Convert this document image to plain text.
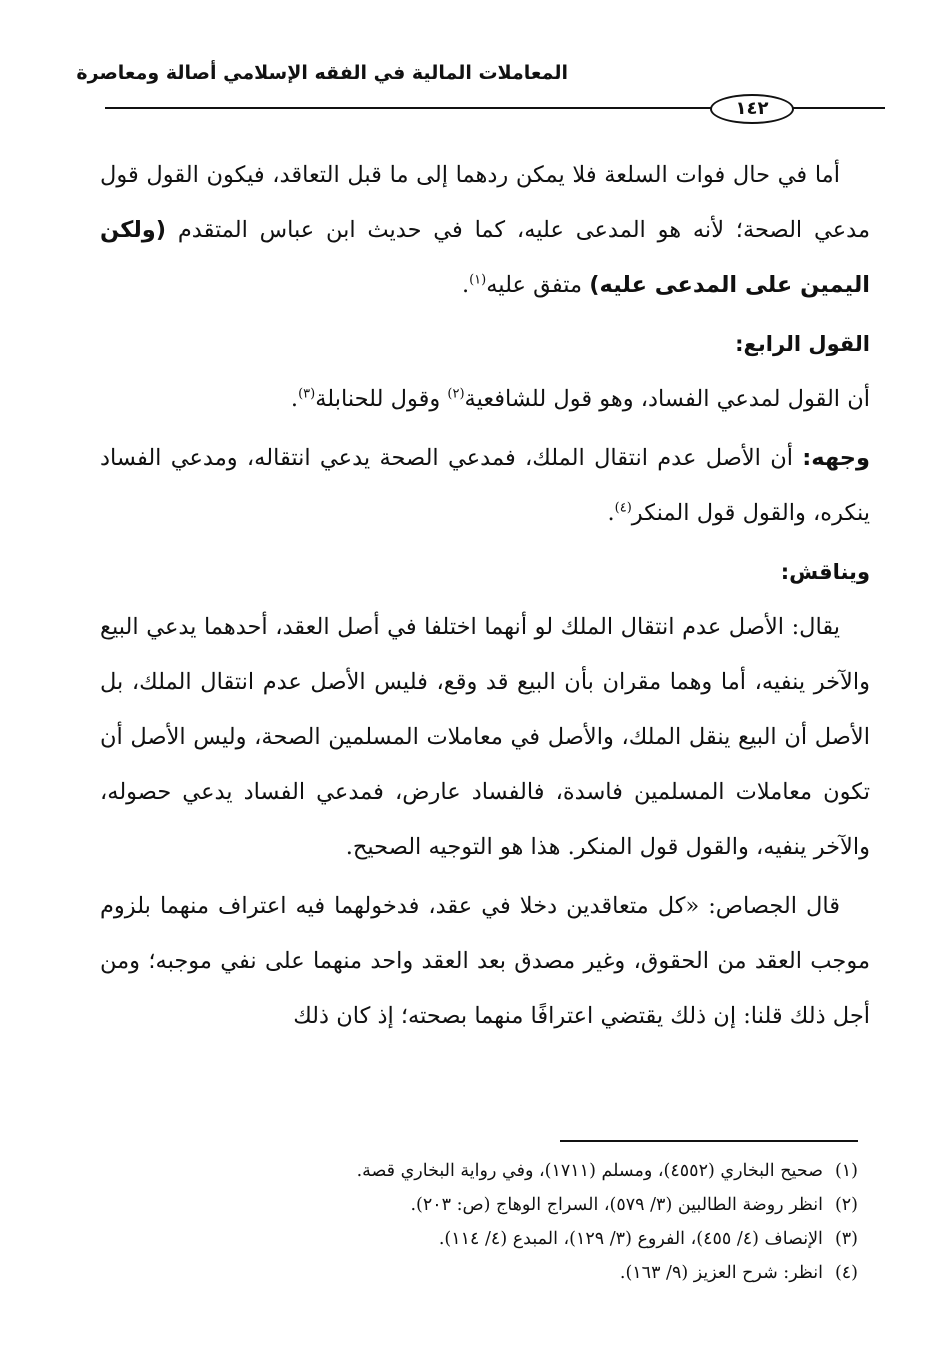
المعاملات المالية في الفقه الإسلامي أصالة ومعاصرة
١٤٢

أما في حال فوات السلعة فلا يمكن ردهما إلى ما قبل التعاقد، فيكون القول قول مدعي الصحة؛ لأنه هو المدعى عليه، كما في حديث ابن عباس المتقدم (ولكن اليمين على المدعى عليه) متفق عليه$^{(١)}$.

القول الرابع:

أن القول لمدعي الفساد، وهو قول للشافعية$^{(٢)}$ وقول للحنابلة$^{(٣)}$.

وجهه: أن الأصل عدم انتقال الملك، فمدعي الصحة يدعي انتقاله، ومدعي الفساد ينكره، والقول قول المنكر$^{(٤)}$.

ويناقش:

يقال: الأصل عدم انتقال الملك لو أنهما اختلفا في أصل العقد، أحدهما يدعي البيع والآخر ينفيه، أما وهما مقران بأن البيع قد وقع، فليس الأصل عدم انتقال الملك، بل الأصل أن البيع ينقل الملك، والأصل في معاملات المسلمين الصحة، وليس الأصل أن تكون معاملات المسلمين فاسدة، فالفساد عارض، فمدعي الفساد يدعي حصوله، والآخر ينفيه، والقول قول المنكر. هذا هو التوجيه الصحيح.

قال الجصاص: «كل متعاقدين دخلا في عقد، فدخولهما فيه اعتراف منهما بلزوم موجب العقد من الحقوق، وغير مصدق بعد العقد واحد منهما على نفي موجبه؛ ومن أجل ذلك قلنا: إن ذلك يقتضي اعترافًا منهما بصحته؛ إذ كان ذلك

(١)صحيح البخاري (٤٥٥٢)، ومسلم (١٧١١)، وفي رواية البخاري قصة.
(٢)انظر روضة الطالبين (٣/ ٥٧٩)، السراج الوهاج (ص: ٢٠٣).
(٣)الإنصاف (٤/ ٤٥٥)، الفروع (٣/ ١٢٩)، المبدع (٤/ ١١٤).
(٤)انظر: شرح العزيز (٩/ ١٦٣).
